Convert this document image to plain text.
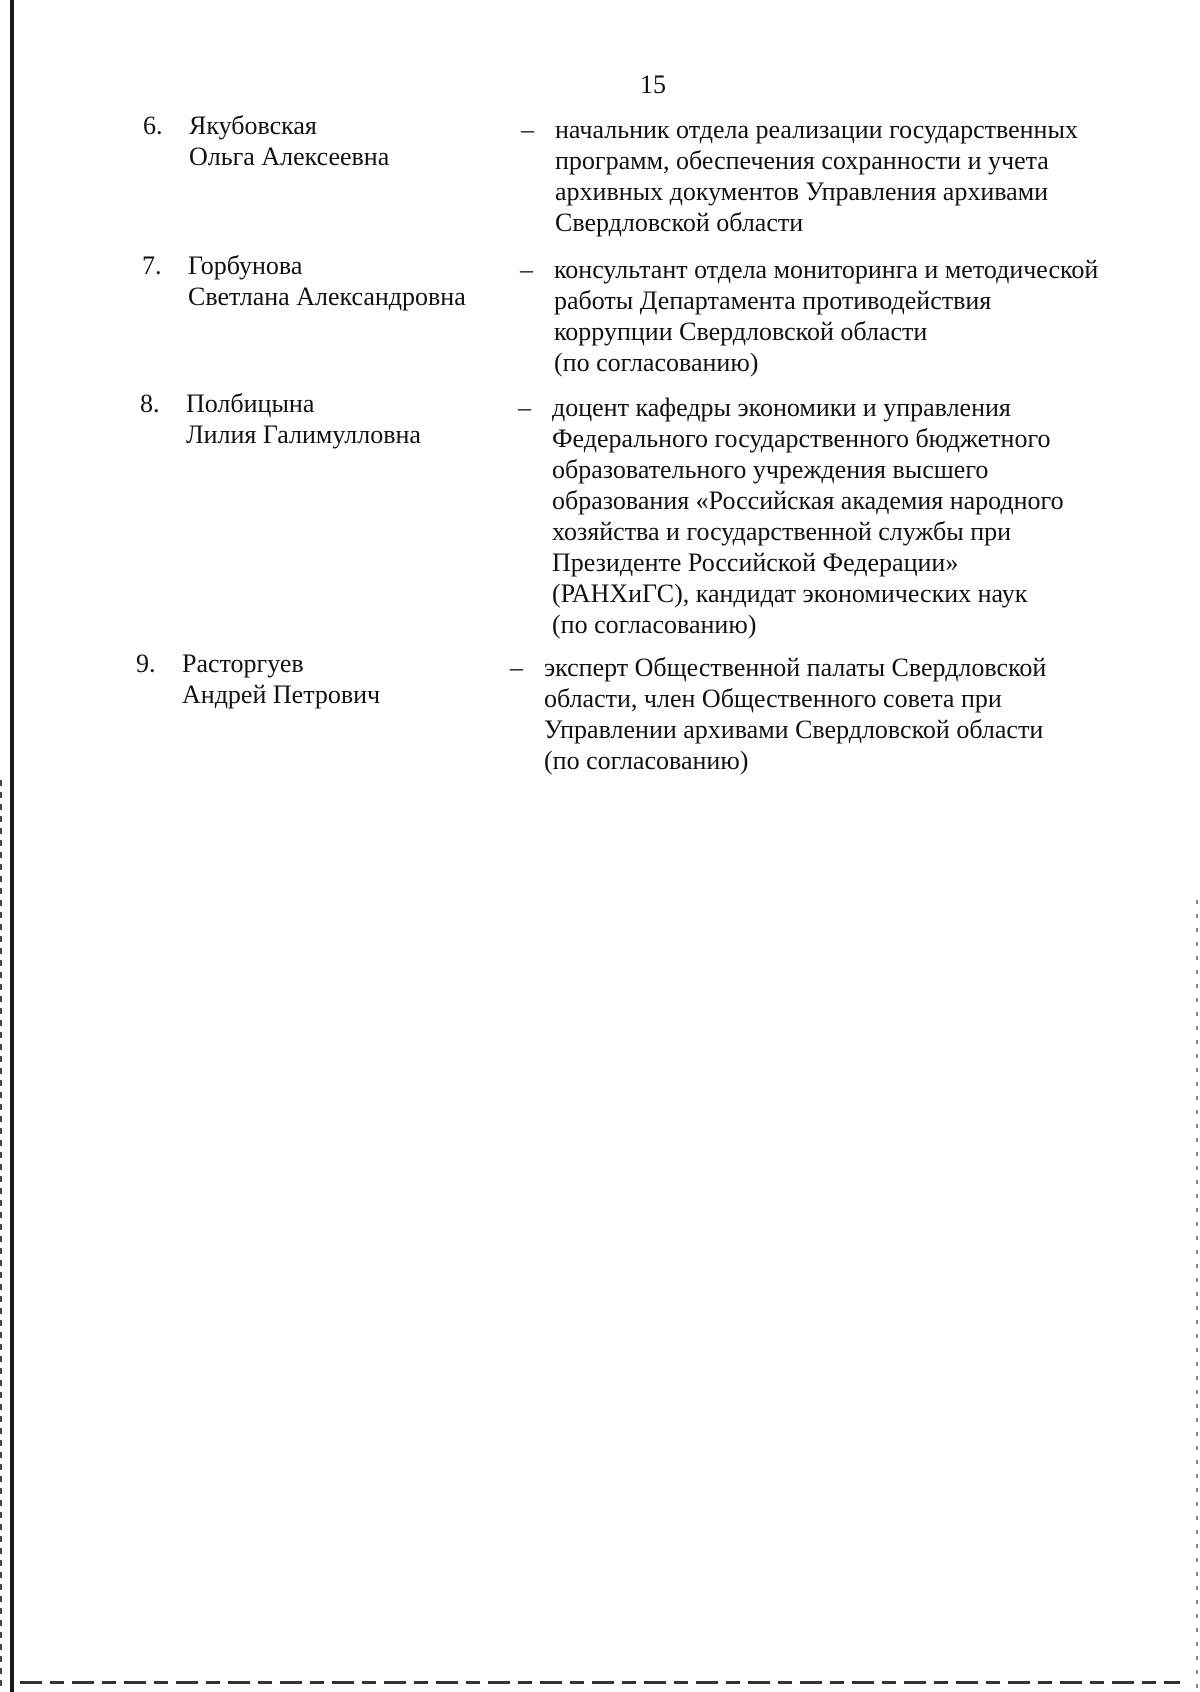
15
6.	Якубовская
Ольга Алексеевна
– начальник отдела реализации государственных
программ, обеспечения сохранности и учета
архивных документов Управления архивами
Свердловской области
7.	Горбунова
Светлана Александровна
– консультант отдела мониторинга и методической
работы Департамента противодействия
коррупции Свердловской области
(по согласованию)
8.	Полбицына
Лилия Галимулловна
– доцент кафедры экономики и управления
Федерального государственного бюджетного
образовательного учреждения высшего
образования «Российская академия народного
хозяйства и государственной службы при
Президенте Российской Федерации»
(РАНХиГС), кандидат экономических наук
(по согласованию)
9.	Расторгуев
Андрей Петрович
– эксперт Общественной палаты Свердловской
области, член Общественного совета при
Управлении архивами Свердловской области
(по согласованию)
